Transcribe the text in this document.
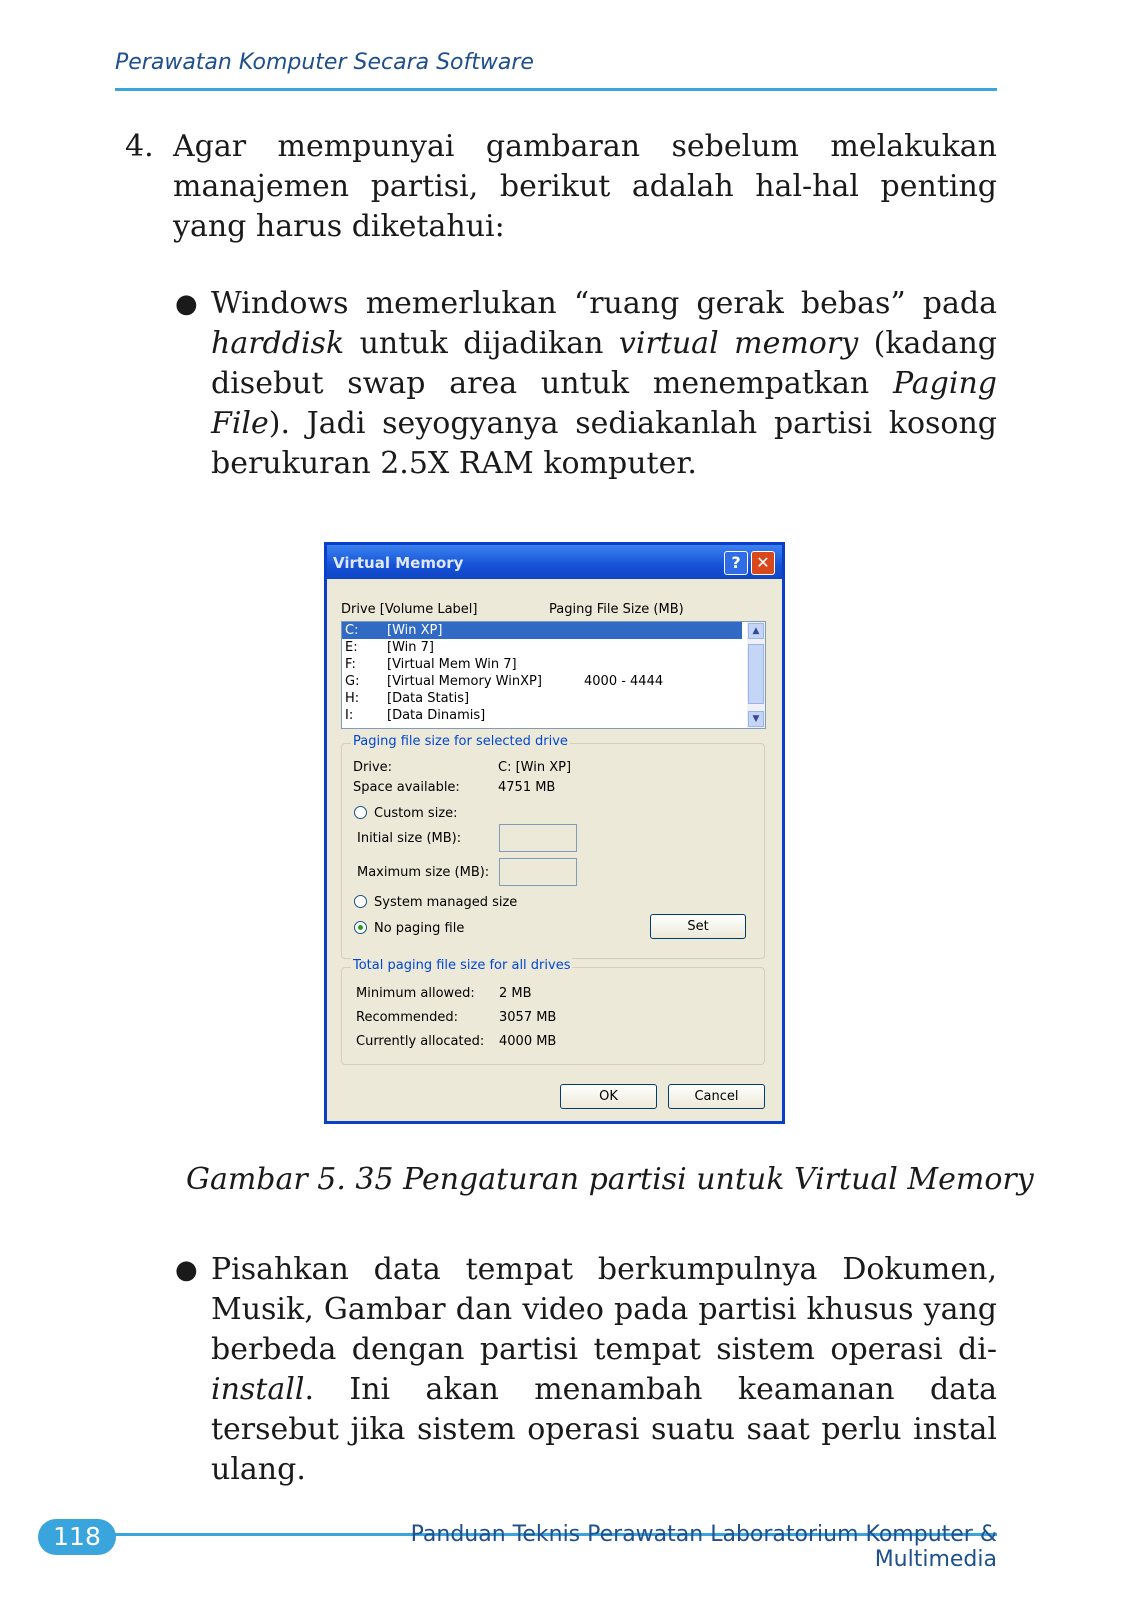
Perawatan Komputer Secara Software
4. Agar mempunyai gambaran sebelum melakukan manajemen partisi, berikut adalah hal-hal penting yang harus diketahui:
● Windows memerlukan “ruang gerak bebas” pada harddisk untuk dijadikan virtual memory (kadang disebut swap area untuk menempatkan Paging File). Jadi seyogyanya sediakanlah partisi kosong berukuran 2.5X RAM komputer.
Virtual Memory	? ✕
Drive [Volume Label]	Paging File Size (MB)
C: [Win XP]
E: [Win 7]
F: [Virtual Mem Win 7]
G: [Virtual Memory WinXP]	4000 - 4444
H: [Data Statis]
I:	[Data Dinamis]
▲
▼
Paging file size for selected drive
Drive:	C: [Win XP]
Space available:	4751 MB
Custom size:
Initial size (MB):
Maximum size (MB):
System managed size
No paging file	Set
Total paging file size for all drives
Minimum allowed: 2 MB
Recommended:	3057 MB
Currently allocated: 4000 MB
OK	Cancel
Gambar 5. 35 Pengaturan partisi untuk Virtual Memory
● Pisahkan data tempat berkumpulnya Dokumen, Musik, Gambar dan video pada partisi khusus yang berbeda dengan partisi tempat sistem operasi di-install. Ini akan menambah keamanan data tersebut jika sistem operasi suatu saat perlu instal ulang.
118	Panduan Teknis Perawatan Laboratorium Komputer & Multimedia
